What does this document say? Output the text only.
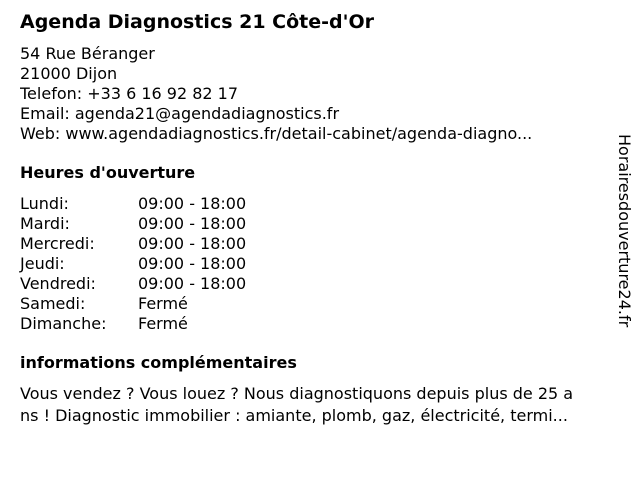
Agenda Diagnostics 21 Côte-d'Or
54 Rue Béranger
21000 Dijon
Telefon: +33 6 16 92 82 17
Email: agenda21@agendadiagnostics.fr
Web: www.agendadiagnostics.fr/detail-cabinet/agenda-diagno...
Heures d'ouverture
Lundi:	09:00 - 18:00
Mardi:	09:00 - 18:00
Mercredi:	09:00 - 18:00
Jeudi:	09:00 - 18:00
Vendredi:	09:00 - 18:00
Samedi:	Fermé
Dimanche:	Fermé
informations complémentaires
Vous vendez ? Vous louez ? Nous diagnostiquons depuis plus de 25 a
ns ! Diagnostic immobilier : amiante, plomb, gaz, électricité, termi...
Horairesdouverture24.fr
